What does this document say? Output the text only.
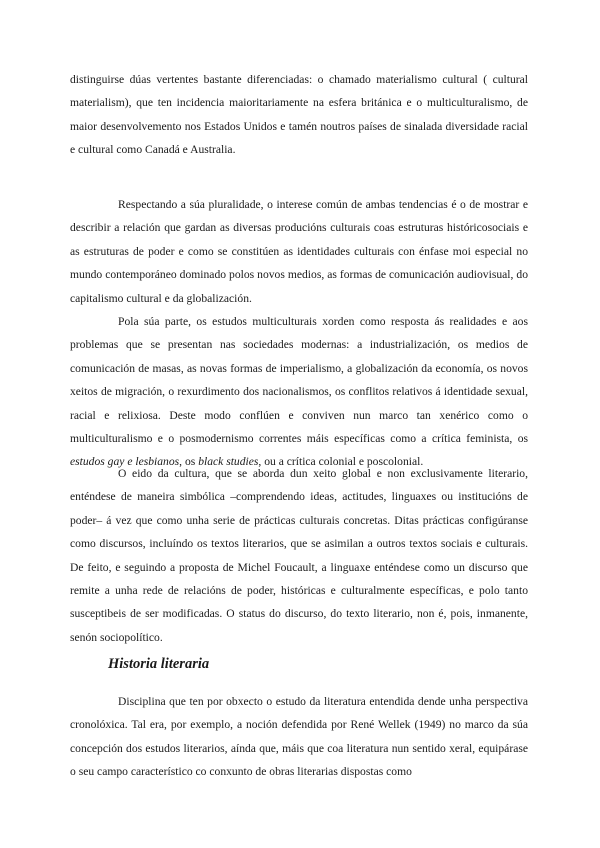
distinguirse dúas vertentes bastante diferenciadas: o chamado materialismo cultural ( cultural materialism), que ten incidencia maioritariamente na esfera británica e o multiculturalismo, de maior desenvolvemento nos Estados Unidos e tamén noutros países de sinalada diversidade racial e cultural como Canadá e Australia.

Respectando a súa pluralidade, o interese común de ambas tendencias é o de mostrar e describir a relación que gardan as diversas producións culturais coas estruturas históricosociais e as estruturas de poder e como se constitúen as identidades culturais con énfase moi especial no mundo contemporáneo dominado polos novos medios, as formas de comunicación audiovisual, do capitalismo cultural e da globalización.

Pola súa parte, os estudos multiculturais xorden como resposta ás realidades e aos problemas que se presentan nas sociedades modernas: a industrialización, os medios de comunicación de masas, as novas formas de imperialismo, a globalización da economía, os novos xeitos de migración, o rexurdimento dos nacionalismos, os conflitos relativos á identidade sexual, racial e relixiosa. Deste modo conflúen e conviven nun marco tan xenérico como o multiculturalismo e o posmodernismo correntes máis específicas como a crítica feminista, os estudos gay e lesbianos, os black studies, ou a crítica colonial e poscolonial.

O eido da cultura, que se aborda dun xeito global e non exclusivamente literario, enténdese de maneira simbólica –comprendendo ideas, actitudes, linguaxes ou institucións de poder– á vez que como unha serie de prácticas culturais concretas. Ditas prácticas configúranse como discursos, incluíndo os textos literarios, que se asimilan a outros textos sociais e culturais. De feito, e seguindo a proposta de Michel Foucault, a linguaxe enténdese como un discurso que remite a unha rede de relacións de poder, históricas e culturalmente específicas, e polo tanto susceptibeis de ser modificadas. O status do discurso, do texto literario, non é, pois, inmanente, senón sociopolítico.

Historia literaria

Disciplina que ten por obxecto o estudo da literatura entendida dende unha perspectiva cronolóxica. Tal era, por exemplo, a noción defendida por René Wellek (1949) no marco da súa concepción dos estudos literarios, aínda que, máis que coa literatura nun sentido xeral, equipárase o seu campo característico co conxunto de obras literarias dispostas como
